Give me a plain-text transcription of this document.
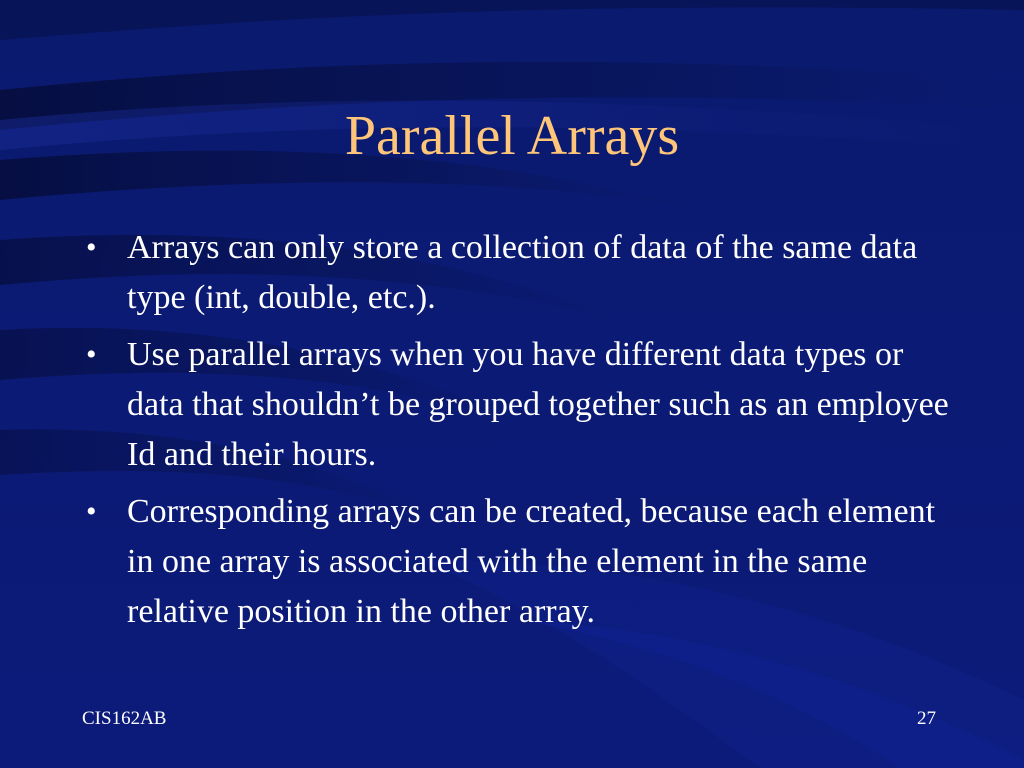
Parallel Arrays
• Arrays can only store a collection of data of the same data type (int, double, etc.).
• Use parallel arrays when you have different data types or data that shouldn’t be grouped together such as an employee Id and their hours.
• Corresponding arrays can be created, because each element in one array is associated with the element in the same relative position in the other array.
CIS162AB	27
